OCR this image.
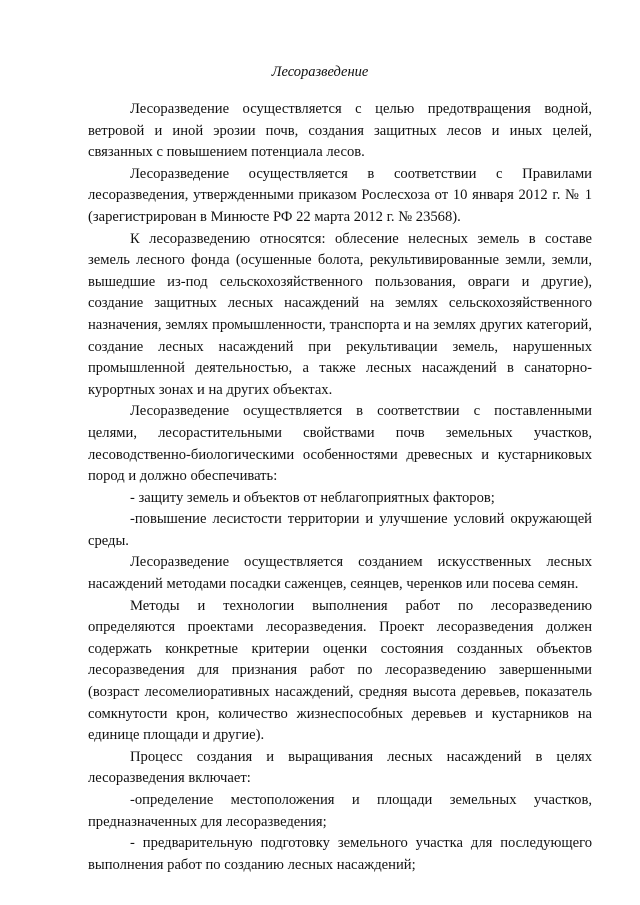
Лесоразведение

Лесоразведение осуществляется с целью предотвращения водной, ветровой и иной эрозии почв, создания защитных лесов и иных целей, связанных с повышением потенциала лесов.

Лесоразведение осуществляется в соответствии с Правилами лесоразведения, утвержденными приказом Рослесхоза от 10 января 2012 г. № 1 (зарегистрирован в Минюсте РФ 22 марта 2012 г. № 23568).

К лесоразведению относятся: облесение нелесных земель в составе земель лесного фонда (осушенные болота, рекультивированные земли, земли, вышедшие из-под сельскохозяйственного пользования, овраги и другие), создание защитных лесных насаждений на землях сельскохозяйственного назначения, землях промышленности, транспорта и на землях других категорий, создание лесных насаждений при рекультивации земель, нарушенных промышленной деятельностью, а также лесных насаждений в санаторно-курортных зонах и на других объектах.

Лесоразведение осуществляется в соответствии с поставленными целями, лесорастительными свойствами почв земельных участков, лесоводственно-биологическими особенностями древесных и кустарниковых пород и должно обеспечивать:

- защиту земель и объектов от неблагоприятных факторов;

-повышение лесистости территории и улучшение условий окружающей среды.

Лесоразведение осуществляется созданием искусственных лесных насаждений методами посадки саженцев, сеянцев, черенков или посева семян.

Методы и технологии выполнения работ по лесоразведению определяются проектами лесоразведения. Проект лесоразведения должен содержать конкретные критерии оценки состояния созданных объектов лесоразведения для признания работ по лесоразведению завершенными (возраст лесомелиоративных насаждений, средняя высота деревьев, показатель сомкнутости крон, количество жизнеспособных деревьев и кустарников на единице площади и другие).

Процесс создания и выращивания лесных насаждений в целях лесоразведения включает:

-определение местоположения и площади земельных участков, предназначенных для лесоразведения;

- предварительную подготовку земельного участка для последующего выполнения работ по созданию лесных насаждений;
